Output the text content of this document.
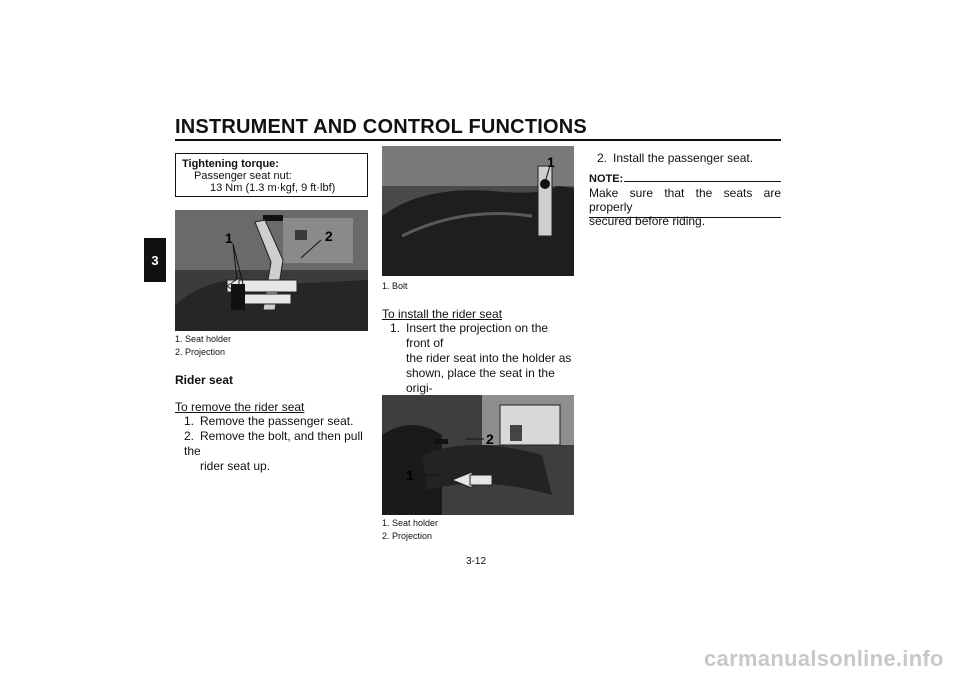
INSTRUMENT AND CONTROL FUNCTIONS
3
Tightening torque:
Passenger seat nut:
13 Nm (1.3 m·kgf, 9 ft·lbf)
1	2
1. Seat holder
2. Projection
Rider seat
To remove the rider seat
1. Remove the passenger seat.
2. Remove the bolt, and then pull the
rider seat up.
1
1. Bolt
To install the rider seat
1. Insert the projection on the front of
the rider seat into the holder as
shown, place the seat in the origi-
2
1
1. Seat holder
2. Projection
2. Install the passenger seat.
NOTE:
Make sure that the seats are properly
secured before riding.
3-12
carmanualsonline.info
